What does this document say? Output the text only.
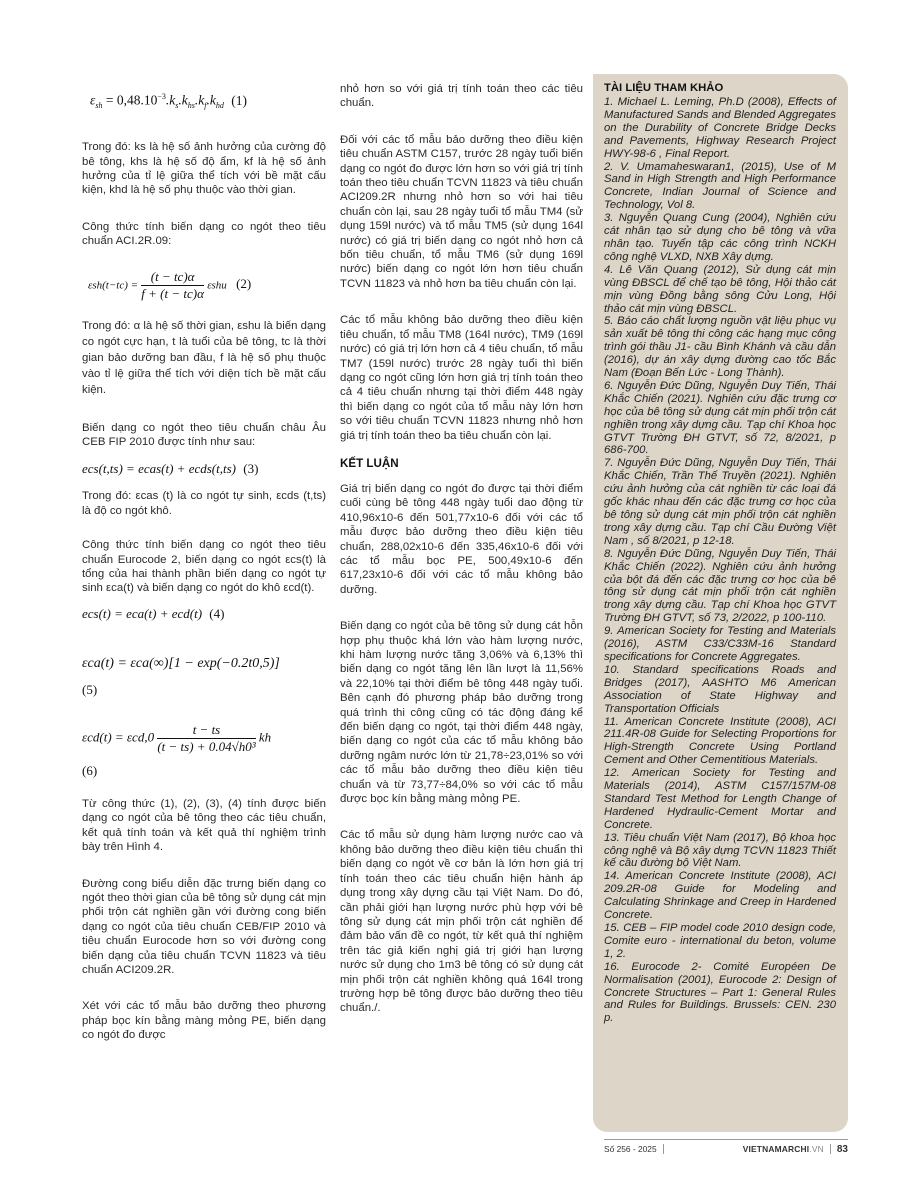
$\varepsilon_{sh} = 0,48.10^{-3}.k_s.k_{hs}.k_f.k_{hd}$ (1)

Trong đó: ks là hệ số ảnh hưởng của cường độ bê tông, khs là hệ số độ ẩm, kf là hệ số ảnh hưởng của tỉ lệ giữa thể tích với bề mặt cấu kiện, khd là hệ số phụ thuộc vào thời gian.

Công thức tính biến dạng co ngót theo tiêu chuẩn ACI.2R.09:

$\varepsilon sh(t-tc) = \frac{(t - tc)\alpha}{f + (t - tc)\alpha}$ εshu (2)

Trong đó: α là hệ số thời gian, εshu là biến dạng co ngót cực hạn, t là tuổi của bê tông, tc là thời gian bảo dưỡng ban đầu, f là hệ số phụ thuộc vào tỉ lệ giữa thể tích với diện tích bề mặt cấu kiện.

Biến dạng co ngót theo tiêu chuẩn châu Âu CEB FIP 2010 được tính như sau:

ecs(t,ts) = ecas(t) + ecds(t,ts) (3)

Trong đó: εcas (t) là co ngót tự sinh, εcds (t,ts) là độ co ngót khô.

Công thức tính biến dạng co ngót theo tiêu chuẩn Eurocode 2, biến dạng co ngót εcs(t) là tổng của hai thành phần biến dạng co ngót tự sinh εca(t) và biến dạng co ngót do khô εcd(t).

ecs(t) = eca(t) + ecd(t) (4)
εca(t) = εca(∞)[1 − exp(−0.2t0,5)]
(5)
$\varepsilon cd(t) = \varepsilon cd,0 \frac{t - ts}{\text{(t − ts) + 0.04√h0³}}$ kh
(6)

Từ công thức (1), (2), (3), (4) tính được biến dạng co ngót của bê tông theo các tiêu chuẩn, kết quả tính toán và kết quả thí nghiệm trình bày trên Hình 4.

Đường cong biểu diễn đặc trưng biến dạng co ngót theo thời gian của bê tông sử dụng cát mịn phối trộn cát nghiền gần với đường cong biến dạng co ngót của tiêu chuẩn CEB/FIP 2010 và tiêu chuẩn Eurocode hơn so với đường cong biến dạng của tiêu chuẩn TCVN 11823 và tiêu chuẩn ACI209.2R.

Xét với các tổ mẫu bảo dưỡng theo phương pháp bọc kín bằng màng mỏng PE, biến dạng co ngót đo được

nhỏ hơn so với giá trị tính toán theo các tiêu chuẩn.

Đối với các tổ mẫu bảo dưỡng theo điều kiện tiêu chuẩn ASTM C157, trước 28 ngày tuổi biến dạng co ngót đo được lớn hơn so với giá trị tính toán theo tiêu chuẩn TCVN 11823 và tiêu chuẩn ACI209.2R nhưng nhỏ hơn so với hai tiêu chuẩn còn lại, sau 28 ngày tuổi tổ mẫu TM4 (sử dụng 159l nước) và tổ mẫu TM5 (sử dụng 164l nước) có giá trị biến dạng co ngót nhỏ hơn cả bốn tiêu chuẩn, tổ mẫu TM6 (sử dụng 169l nước) biến dạng co ngót lớn hơn tiêu chuẩn TCVN 11823 và nhỏ hơn ba tiêu chuẩn còn lại.

Các tổ mẫu không bảo dưỡng theo điều kiện tiêu chuẩn, tổ mẫu TM8 (164l nước), TM9 (169l nước) có giá trị lớn hơn cả 4 tiêu chuẩn, tổ mẫu TM7 (159l nước) trước 28 ngày tuổi thì biến dạng co ngót cũng lớn hơn giá trị tính toán theo cả 4 tiêu chuẩn nhưng tại thời điểm 448 ngày thì biến dạng co ngót của tổ mẫu này lớn hơn so với tiêu chuẩn TCVN 11823 nhưng nhỏ hơn giá trị tính toán theo ba tiêu chuẩn còn lại.

KẾT LUẬN

Giá trị biến dạng co ngót đo được tại thời điểm cuối cùng bê tông 448 ngày tuổi dao động từ 410,96x10-6 đến 501,77x10-6 đối với các tổ mẫu được bảo dưỡng theo điều kiện tiêu chuẩn, 288,02x10-6 đến 335,46x10-6 đối với các tổ mẫu bọc PE, 500,49x10-6 đến 617,23x10-6 đối với các tổ mẫu không bảo dưỡng.

Biến dạng co ngót của bê tông sử dụng cát hỗn hợp phụ thuộc khá lớn vào hàm lượng nước, khi hàm lượng nước tăng 3,06% và 6,13% thì biến dạng co ngót tăng lên lần lượt là 11,56% và 22,10% tại thời điểm bê tông 448 ngày tuổi. Bên cạnh đó phương pháp bảo dưỡng trong quá trình thi công cũng có tác động đáng kể đến biến dạng co ngót, tại thời điểm 448 ngày, biến dạng co ngót của các tổ mẫu không bảo dưỡng ngâm nước lớn từ 21,78÷23,01% so với các tổ mẫu bảo dưỡng theo điều kiện tiêu chuẩn và từ 73,77÷84,0% so với các tổ mẫu được bọc kín bằng màng mỏng PE.

Các tổ mẫu sử dụng hàm lượng nước cao và không bảo dưỡng theo điều kiện tiêu chuẩn thì biến dạng co ngót về cơ bản là lớn hơn giá trị tính toán theo các tiêu chuẩn hiện hành áp dụng trong xây dựng cầu tại Việt Nam. Do đó, cần phải giới hạn lượng nước phù hợp với bê tông sử dụng cát mịn phối trộn cát nghiền để đảm bảo vấn đề co ngót, từ kết quả thí nghiệm trên tác giả kiến nghị giá trị giới hạn lượng nước sử dụng cho 1m3 bê tông có sử dụng cát mịn phối trộn cát nghiền không quá 164l trong trường hợp bê tông được bảo dưỡng theo tiêu chuẩn./.

TÀI LIỆU THAM KHẢO
1. Michael L. Leming, Ph.D (2008), Effects of Manufactured Sands and Blended Aggregates on the Durability of Concrete Bridge Decks and Pavements, Highway Research Project HWY-98-6 , Final Report.
2. V. Umamaheswaran1, (2015), Use of M Sand in High Strength and High Performance Concrete, Indian Journal of Science and Technology, Vol 8.
3. Nguyễn Quang Cung (2004), Nghiên cứu cát nhân tạo sử dụng cho bê tông và vữa nhân tạo. Tuyển tập các công trình NCKH công nghệ VLXD, NXB Xây dựng.
4. Lê Văn Quang (2012), Sử dụng cát mịn vùng ĐBSCL để chế tạo bê tông, Hội thảo cát mịn vùng Đồng bằng sông Cửu Long, Hội thảo cát mịn vùng ĐBSCL.
5. Báo cáo chất lượng nguồn vật liệu phục vụ sản xuất bê tông thi công các hạng mục công trình gói thầu J1- cầu Bình Khánh và cầu dẫn (2016), dự án xây dựng đường cao tốc Bắc Nam (Đoạn Bến Lức - Long Thành).
6. Nguyễn Đức Dũng, Nguyễn Duy Tiến, Thái Khắc Chiến (2021). Nghiên cứu đặc trưng cơ học của bê tông sử dụng cát mịn phối trộn cát nghiền trong xây dựng cầu. Tạp chí Khoa học GTVT Trường ĐH GTVT, số 72, 8/2021, p 686-700.
7. Nguyễn Đức Dũng, Nguyễn Duy Tiến, Thái Khắc Chiến, Trần Thế Truyền (2021). Nghiên cứu ảnh hưởng của cát nghiền từ các loại đá gốc khác nhau đến các đặc trưng cơ học của bê tông sử dụng cát mịn phối trộn cát nghiền trong xây dựng cầu. Tạp chí Cầu Đường Việt Nam , số 8/2021, p 12-18.
8. Nguyễn Đức Dũng, Nguyễn Duy Tiến, Thái Khắc Chiến (2022). Nghiên cứu ảnh hưởng của bột đá đến các đặc trưng cơ học của bê tông sử dụng cát mịn phối trộn cát nghiền trong xây dựng cầu. Tạp chí Khoa học GTVT Trường ĐH GTVT, số 73, 2/2022, p 100-110.
9. American Society for Testing and Materials (2016), ASTM C33/C33M-16 Standard specifications for Concrete Aggregates.
10. Standard specifications Roads and Bridges (2017), AASHTO M6 American Association of State Highway and Transportation Officials
11. American Concrete Institute (2008), ACI 211.4R-08 Guide for Selecting Proportions for High-Strength Concrete Using Portland Cement and Other Cementitious Materials.
12. American Society for Testing and Materials (2014), ASTM C157/157M-08 Standard Test Method for Length Change of Hardened Hydraulic-Cement Mortar and Concrete.
13. Tiêu chuẩn Việt Nam (2017), Bộ khoa học công nghệ và Bộ xây dựng TCVN 11823 Thiết kế cầu đường bộ Việt Nam.
14. American Concrete Institute (2008), ACI 209.2R-08 Guide for Modeling and Calculating Shrinkage and Creep in Hardened Concrete.
15. CEB – FIP model code 2010 design code, Comite euro - international du beton, volume 1, 2.
16. Eurocode 2- Comité Européen De Normalisation (2001), Eurocode 2: Design of Concrete Structures – Part 1: General Rules and Rules for Buildings. Brussels: CEN. 230 p.
Số 256 - 2025	VIETNAMARCHI.VN	83
